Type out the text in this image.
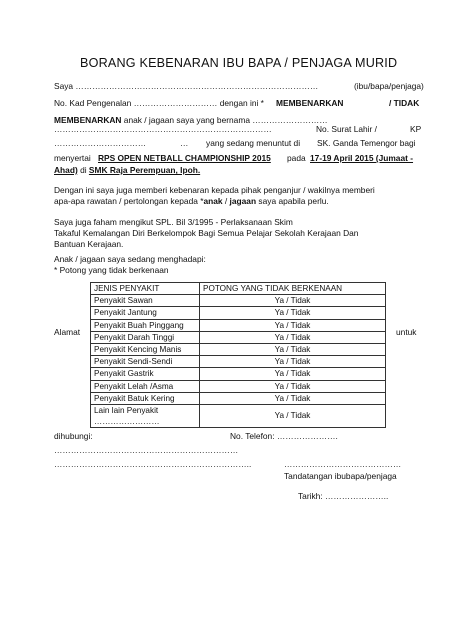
BORANG KEBENARAN IBU BAPA / PENJAGA MURID
Saya ……………………………………………………………………………	(ibu/bapa/penjaga)
No. Kad Pengenalan ………………………… dengan ini * MEMBENARKAN	/ TIDAK
MEMBENARKAN anak / jagaan saya yang bernama ………………………
……………………………………………………………………	No. Surat Lahir /	KP
……………………………	… yang sedang menuntut di SK. Ganda Temengor bagi
menyertai RPS OPEN NETBALL CHAMPIONSHIP 2015 pada 17-19 April 2015 (Jumaat -
Ahad) di SMK Raja Perempuan, Ipoh.
Dengan ini saya juga memberi kebenaran kepada pihak penganjur / wakilnya memberi
apa-apa rawatan / pertolongan kepada *anak / jagaan saya apabila perlu.
Saya juga faham mengikut SPL. Bil 3/1995 - Perlaksanaan Skim
Takaful Kemalangan Diri Berkelompok Bagi Semua Pelajar Sekolah Kerajaan Dan
Bantuan Kerajaan.
Anak / jagaan saya sedang menghadapi:
* Potong yang tidak berkenaan
JENIS PENYAKIT	POTONG YANG TIDAK BERKENAAN
Penyakit Sawan	Ya / Tidak
Penyakit Jantung	Ya / Tidak
Penyakit Buah Pinggang	Ya / Tidak
Penyakit Darah Tinggi	Ya / Tidak
Penyakit Kencing Manis	Ya / Tidak
Penyakit Sendi-Sendi	Ya / Tidak
Penyakit Gastrik	Ya / Tidak
Penyakit Lelah /Asma	Ya / Tidak
Penyakit Batuk Kering	Ya / Tidak

Lain lain Penyakit
……………………	Ya / Tidak
Alamat	untuk
dihubungi:	No. Telefon: ………………….
…………………………………………………………
……………………………………………………………..	……………………………………
Tandatangan ibubapa/penjaga
Tarikh: …………………..
